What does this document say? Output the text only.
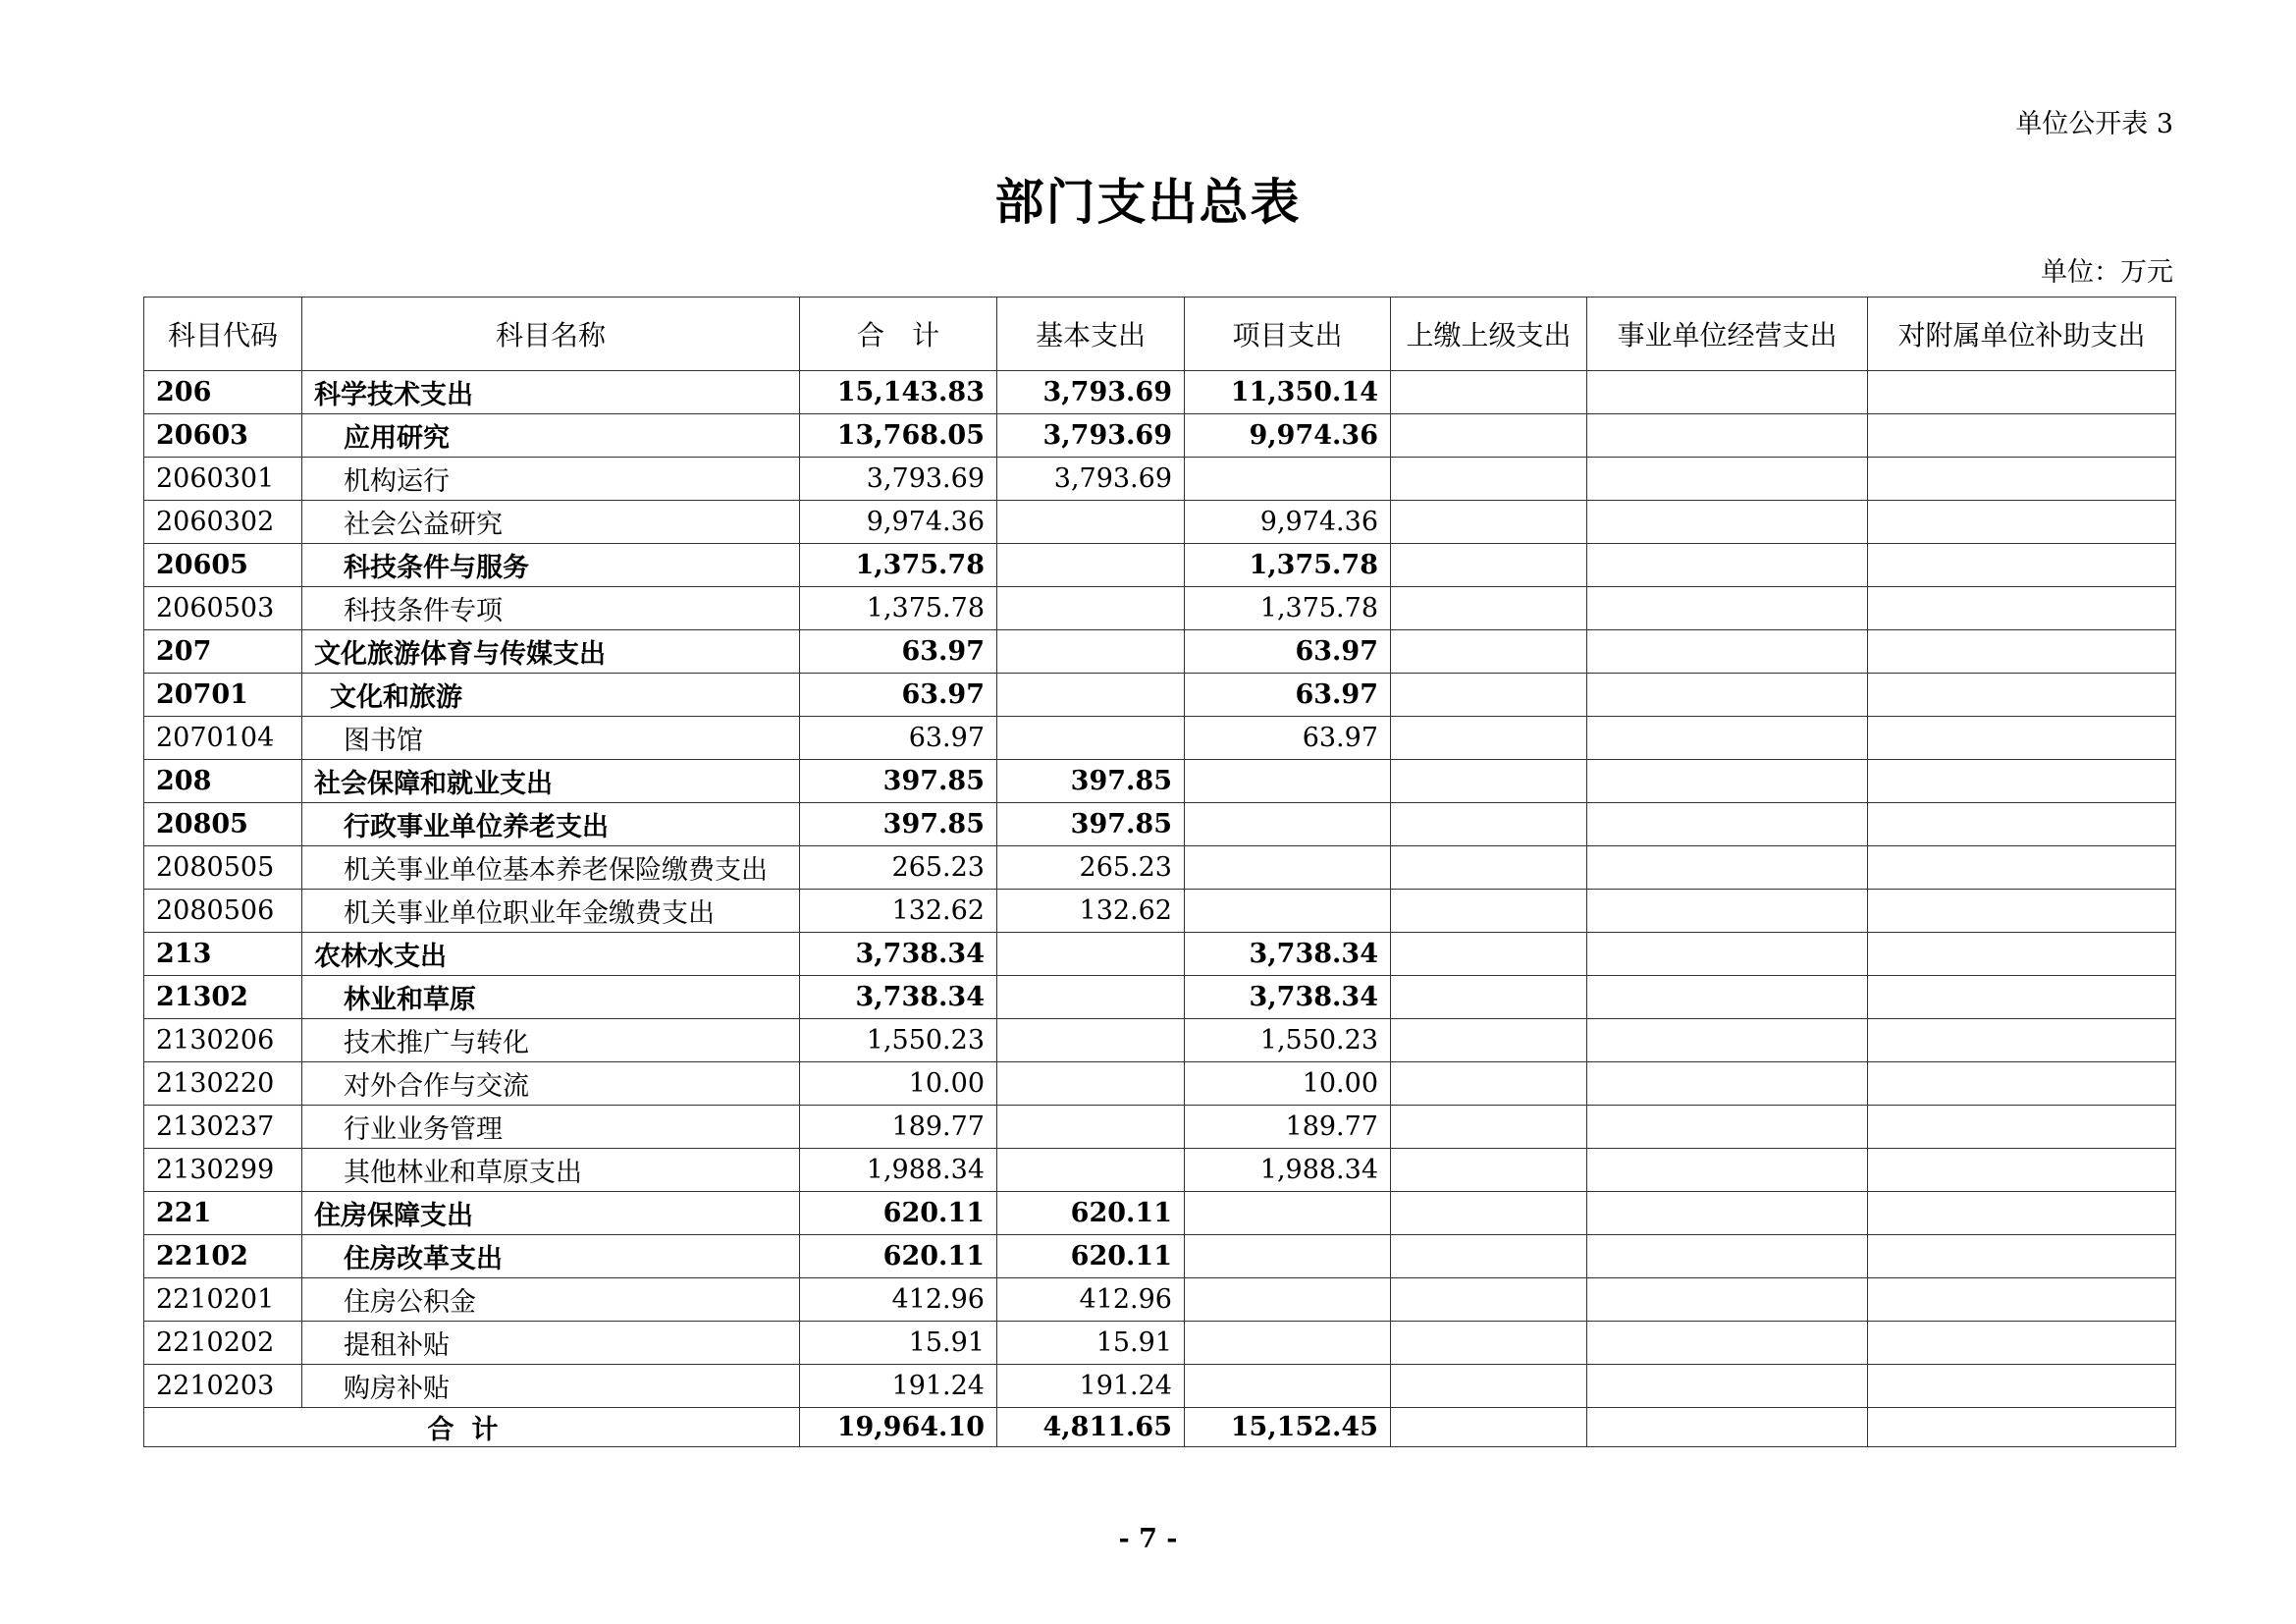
单位公开表 3
部门支出总表
单位：万元
科目代码	科目名称	合　计	基本支出	项目支出	上缴上级支出	事业单位经营支出	对附属单位补助支出
206	科学技术支出	15,143.83	3,793.69	11,350.14			
20603	应用研究	13,768.05	3,793.69	9,974.36			
2060301	机构运行	3,793.69	3,793.69				
2060302	社会公益研究	9,974.36		9,974.36			
20605	科技条件与服务	1,375.78		1,375.78			
2060503	科技条件专项	1,375.78		1,375.78			
207	文化旅游体育与传媒支出	63.97		63.97			
20701	文化和旅游	63.97		63.97			
2070104	图书馆	63.97		63.97			
208	社会保障和就业支出	397.85	397.85				
20805	行政事业单位养老支出	397.85	397.85				
2080505	机关事业单位基本养老保险缴费支出	265.23	265.23				
2080506	机关事业单位职业年金缴费支出	132.62	132.62				
213	农林水支出	3,738.34		3,738.34			
21302	林业和草原	3,738.34		3,738.34			
2130206	技术推广与转化	1,550.23		1,550.23			
2130220	对外合作与交流	10.00		10.00			
2130237	行业业务管理	189.77		189.77			
2130299	其他林业和草原支出	1,988.34		1,988.34			
221	住房保障支出	620.11	620.11				
22102	住房改革支出	620.11	620.11				
2210201	住房公积金	412.96	412.96				
2210202	提租补贴	15.91	15.91				
2210203	购房补贴	191.24	191.24				
合计		19,964.10	4,811.65	15,152.45			
- 7 -
